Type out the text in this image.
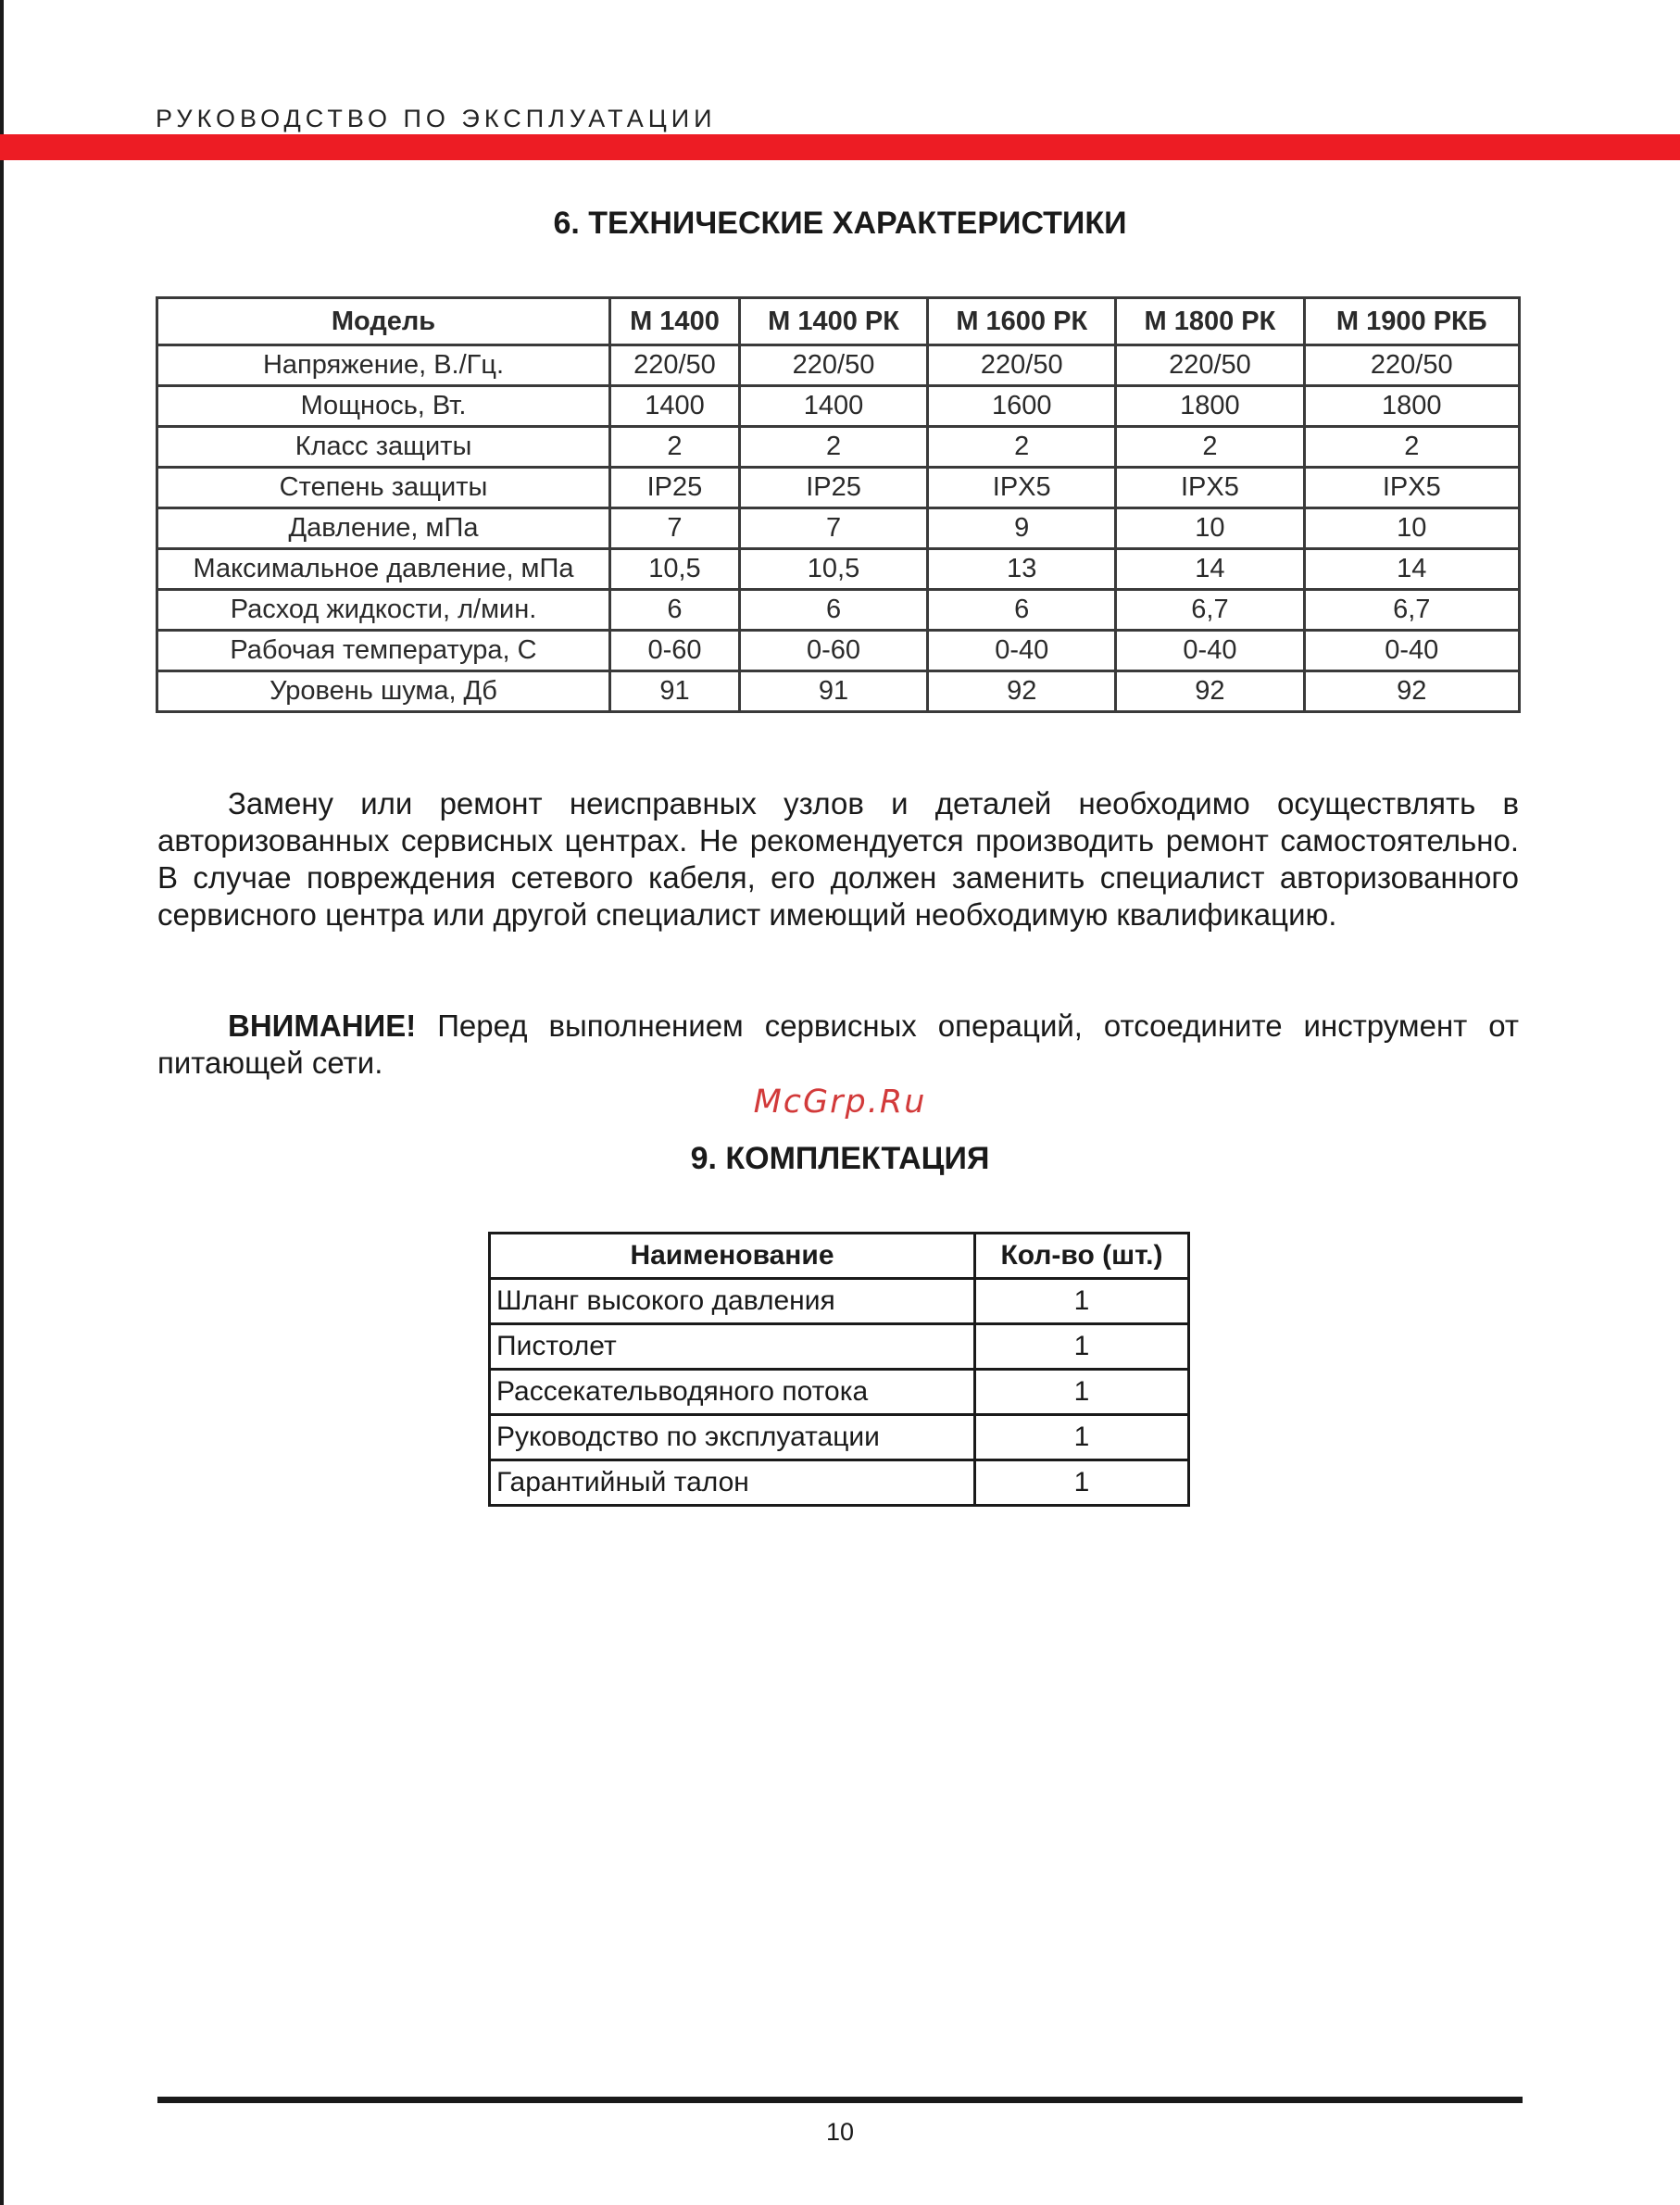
РУКОВОДСТВО ПО ЭКСПЛУАТАЦИИ
6. ТЕХНИЧЕСКИЕ ХАРАКТЕРИСТИКИ
Модель	М 1400	М 1400 РК	М 1600 РК	М 1800 РК	М 1900 РКБ
Напряжение, В./Гц.	220/50	220/50	220/50	220/50	220/50
Мощнось, Вт.	1400	1400	1600	1800	1800
Класс защиты	2	2	2	2	2
Степень защиты	IP25	IP25	IPX5	IPX5	IPX5
Давление, мПа	7	7	9	10	10
Максимальное давление, мПа	10,5	10,5	13	14	14
Расход жидкости, л/мин.	6	6	6	6,7	6,7
Рабочая температура, С	0-60	0-60	0-40	0-40	0-40
Уровень шума, Дб	91	91	92	92	92

Замену или ремонт неисправных узлов и деталей необходимо осуществлять в авторизованных сервисных центрах. Не рекомендуется производить ремонт самостоятельно. В случае повреждения сетевого кабеля, его должен заменить специалист авторизованного сервисного центра или другой специалист имеющий необходимую квалификацию.

ВНИМАНИЕ! Перед выполнением сервисных операций, отсоедините инструмент от питающей сети.

McGrp.Ru
9. КОМПЛЕКТАЦИЯ
Наименование	Кол-во (шт.)
Шланг высокого давления	1
Пистолет	1
Рассекательводяного потока	1
Руководство по эксплуатации	1
Гарантийный талон	1
10
